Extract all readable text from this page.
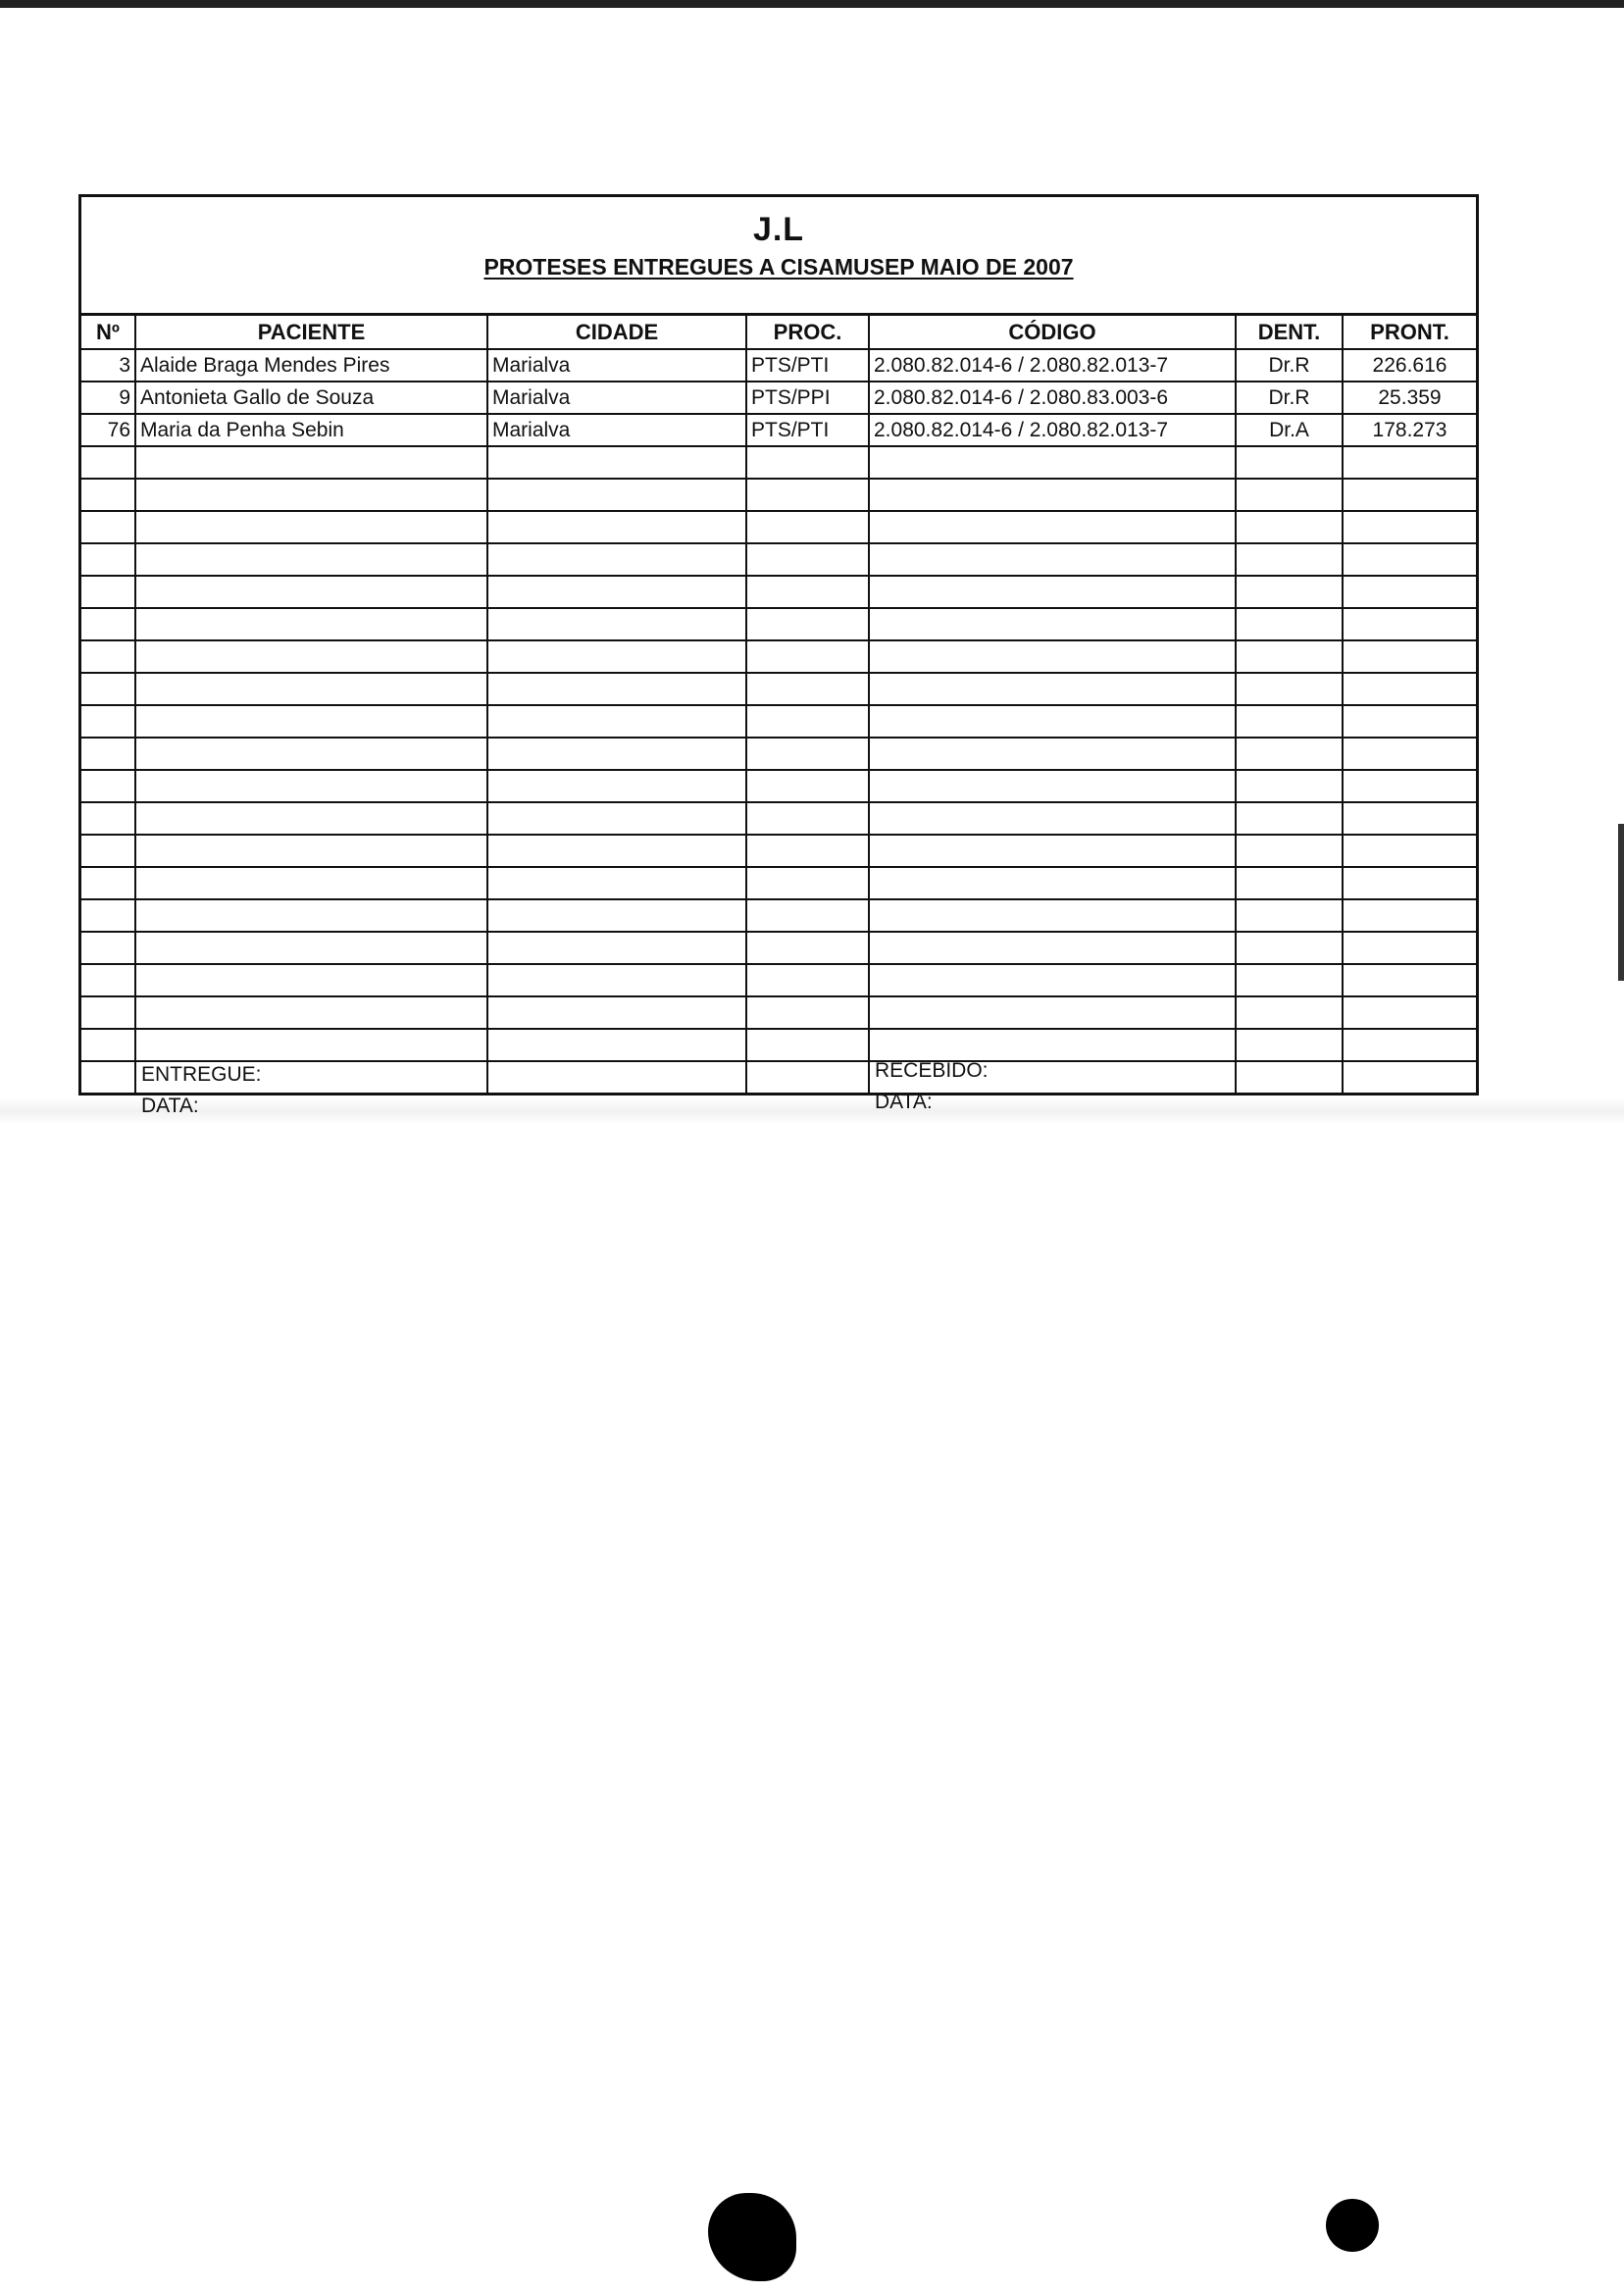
J.L
PROTESES ENTREGUES A CISAMUSEP MAIO DE 2007
Nº	PACIENTE	CIDADE	PROC.	CÓDIGO	DENT.	PRONT.
3	Alaide Braga Mendes Pires	Marialva	PTS/PTI	2.080.82.014-6 / 2.080.82.013-7	Dr.R	226.616
9	Antonieta Gallo de Souza	Marialva	PTS/PPI	2.080.82.014-6 / 2.080.83.003-6	Dr.R	25.359
76	Maria da Penha Sebin	Marialva	PTS/PTI	2.080.82.014-6 / 2.080.82.013-7	Dr.A	178.273

ENTREGUE:
DATA:
RECEBIDO:
DATA:
